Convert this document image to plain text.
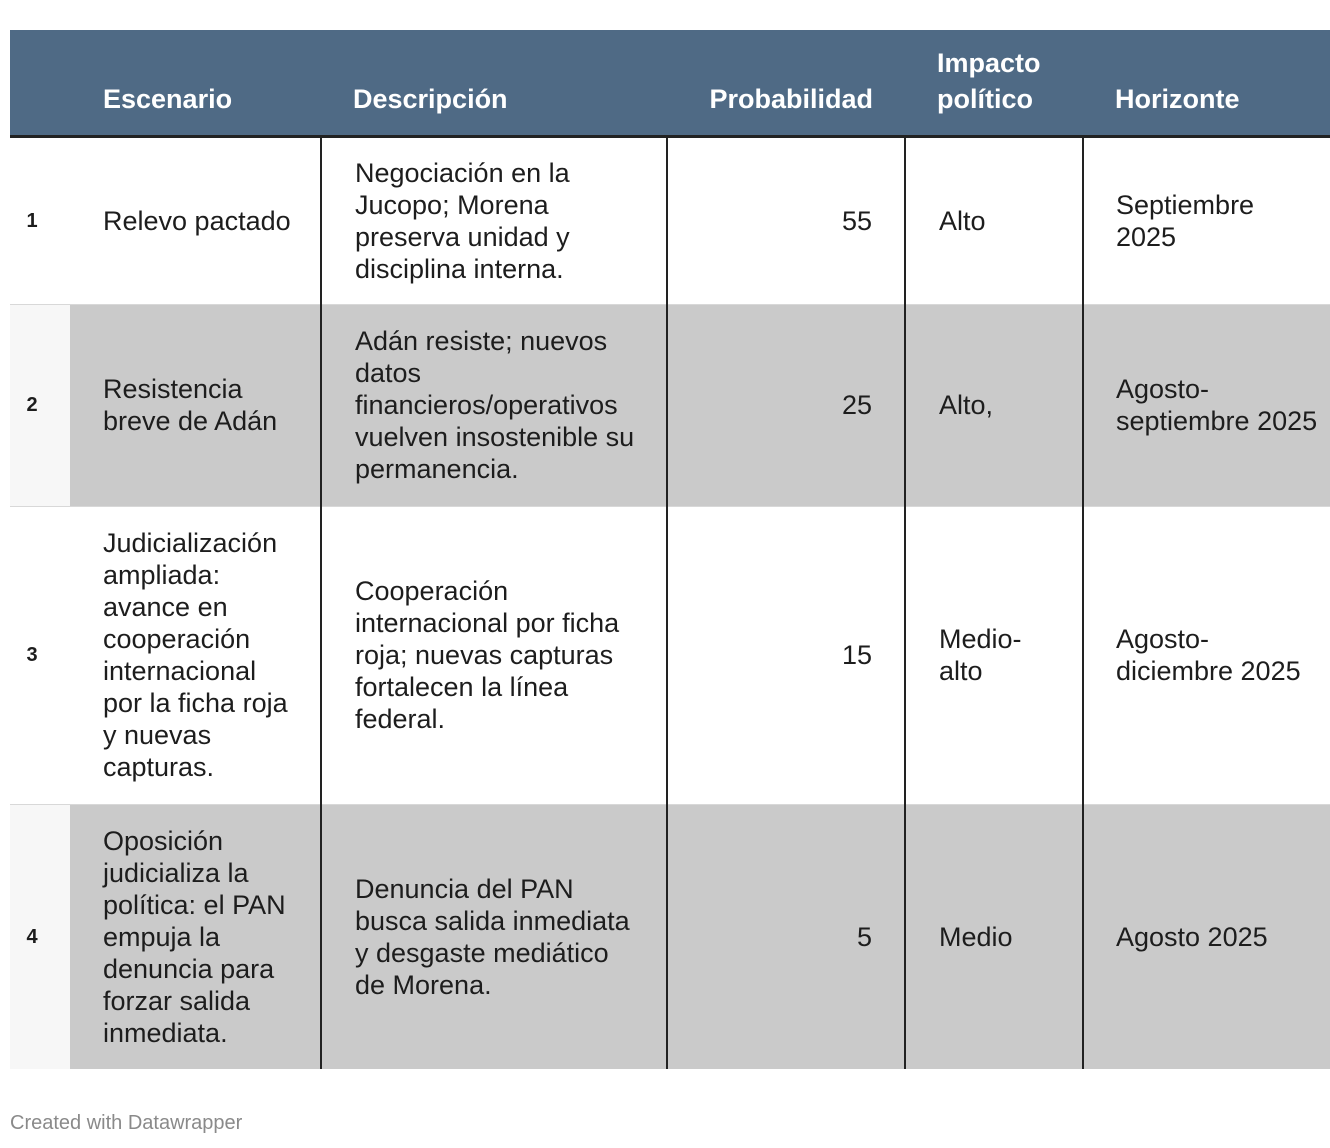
	Escenario	Descripción	Probabilidad	Impacto político	Horizonte
1	Relevo pactado	Negociación en la Jucopo; Morena preserva unidad y disciplina interna.	55	Alto	Septiembre 2025
2	Resistencia breve de Adán	Adán resiste; nuevos datos financieros/operativos vuelven insostenible su permanencia.	25	Alto,	Agosto-septiembre 2025
3	Judicialización ampliada: avance en cooperación internacional por la ficha roja y nuevas capturas.	Cooperación internacional por ficha roja; nuevas capturas fortalecen la línea federal.	15	Medio-alto	Agosto-diciembre 2025
4	Oposición judicializa la política: el PAN empuja la denuncia para forzar salida inmediata.	Denuncia del PAN busca salida inmediata y desgaste mediático de Morena.	5	Medio	Agosto 2025
Created with Datawrapper
